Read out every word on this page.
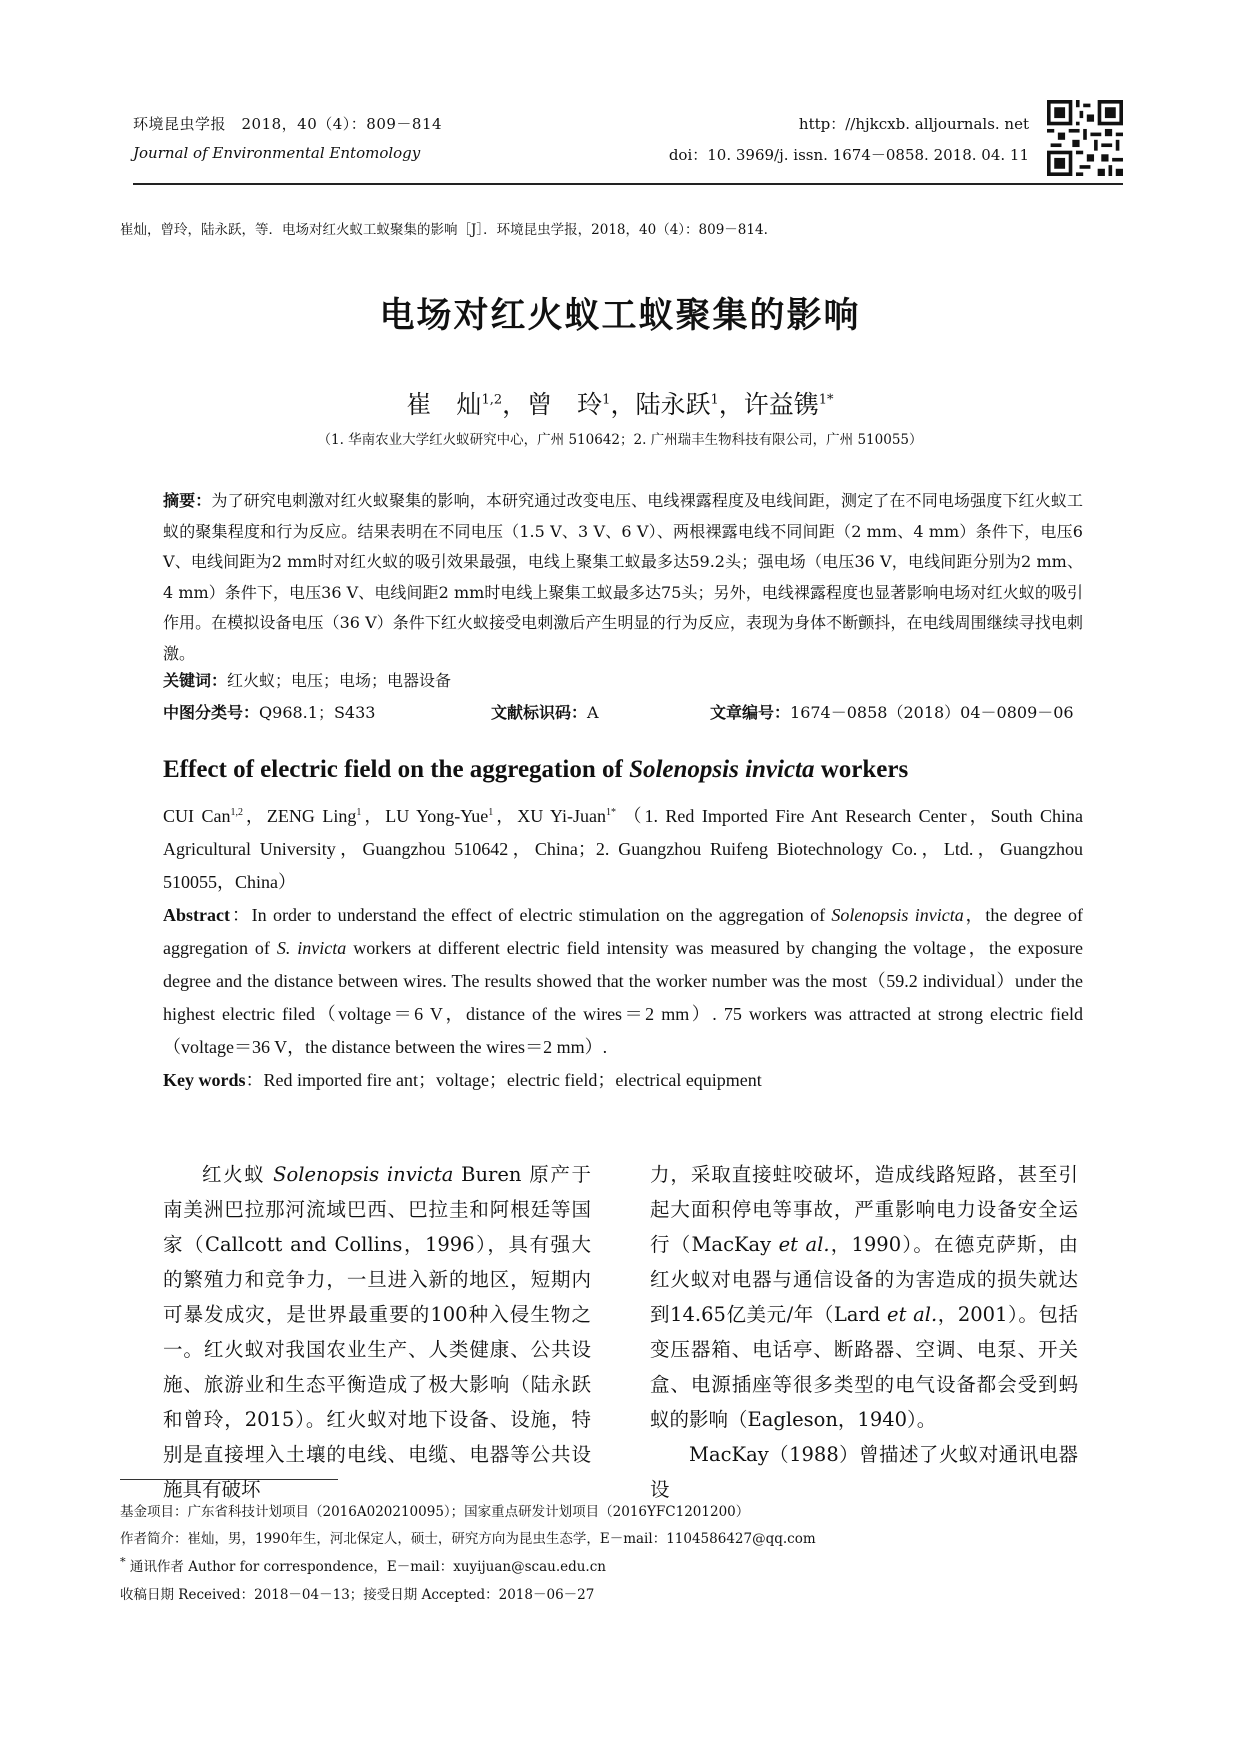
环境昆虫学报　2018，40（4）：809－814
Journal of Environmental Entomology
http：//hjkcxb. alljournals. net
doi：10. 3969/j. issn. 1674－0858. 2018. 04. 11
崔灿，曾玲，陆永跃，等．电场对红火蚁工蚁聚集的影响［J］．环境昆虫学报，2018，40（4）：809－814.
电场对红火蚁工蚁聚集的影响
崔　灿$^{1,2}$，曾　玲$^1$，陆永跃$^1$，许益镌$^{1*}$
（1. 华南农业大学红火蚁研究中心，广州 510642；2. 广州瑞丰生物科技有限公司，广州 510055）
摘要：为了研究电刺激对红火蚁聚集的影响，本研究通过改变电压、电线裸露程度及电线间距，测定了在不同电场强度下红火蚁工蚁的聚集程度和行为反应。结果表明在不同电压（1.5 V、3 V、6 V）、两根裸露电线不同间距（2 mm、4 mm）条件下，电压6 V、电线间距为2 mm时对红火蚁的吸引效果最强，电线上聚集工蚁最多达59.2头；强电场（电压36 V，电线间距分别为2 mm、4 mm）条件下，电压36 V、电线间距2 mm时电线上聚集工蚁最多达75头；另外，电线裸露程度也显著影响电场对红火蚁的吸引作用。在模拟设备电压（36 V）条件下红火蚁接受电刺激后产生明显的行为反应，表现为身体不断颤抖，在电线周围继续寻找电刺激。
关键词：红火蚁；电压；电场；电器设备
中图分类号：Q968.1；S433	文献标识码：A	文章编号：1674－0858（2018）04－0809－06
Effect of electric field on the aggregation of Solenopsis invicta workers
CUI Can$^{1,2}$，ZENG Ling$^1$，LU Yong-Yue$^1$，XU Yi-Juan$^{1*}$ （1. Red Imported Fire Ant Research Center，South China Agricultural University，Guangzhou 510642，China；2. Guangzhou Ruifeng Biotechnology Co.，Ltd.，Guangzhou 510055，China）
Abstract：In order to understand the effect of electric stimulation on the aggregation of Solenopsis invicta，the degree of aggregation of S. invicta workers at different electric field intensity was measured by changing the voltage，the exposure degree and the distance between wires. The results showed that the worker number was the most（59.2 individual）under the highest electric filed（voltage＝6 V，distance of the wires＝2 mm）. 75 workers was attracted at strong electric field（voltage＝36 V，the distance between the wires＝2 mm）.
Key words：Red imported fire ant；voltage；electric field；electrical equipment

红火蚁 Solenopsis invicta Buren 原产于南美洲巴拉那河流域巴西、巴拉圭和阿根廷等国家（Callcott and Collins，1996），具有强大的繁殖力和竞争力，一旦进入新的地区，短期内可暴发成灾，是世界最重要的100种入侵生物之一。红火蚁对我国农业生产、人类健康、公共设施、旅游业和生态平衡造成了极大影响（陆永跃和曾玲，2015）。红火蚁对地下设备、设施，特别是直接埋入土壤的电线、电缆、电器等公共设施具有破坏

力，采取直接蛀咬破坏，造成线路短路，甚至引起大面积停电等事故，严重影响电力设备安全运行（MacKay et al.，1990）。在德克萨斯，由红火蚁对电器与通信设备的为害造成的损失就达到14.65亿美元/年（Lard et al.，2001）。包括变压器箱、电话亭、断路器、空调、电泵、开关盒、电源插座等很多类型的电气设备都会受到蚂蚁的影响（Eagleson，1940）。

MacKay（1988）曾描述了火蚁对通讯电器设

基金项目：广东省科技计划项目（2016A020210095）；国家重点研发计划项目（2016YFC1201200）
作者简介：崔灿，男，1990年生，河北保定人，硕士，研究方向为昆虫生态学，E－mail：1104586427@qq.com
* 通讯作者 Author for correspondence，E－mail：xuyijuan@scau.edu.cn
收稿日期 Received：2018－04－13；接受日期 Accepted：2018－06－27
